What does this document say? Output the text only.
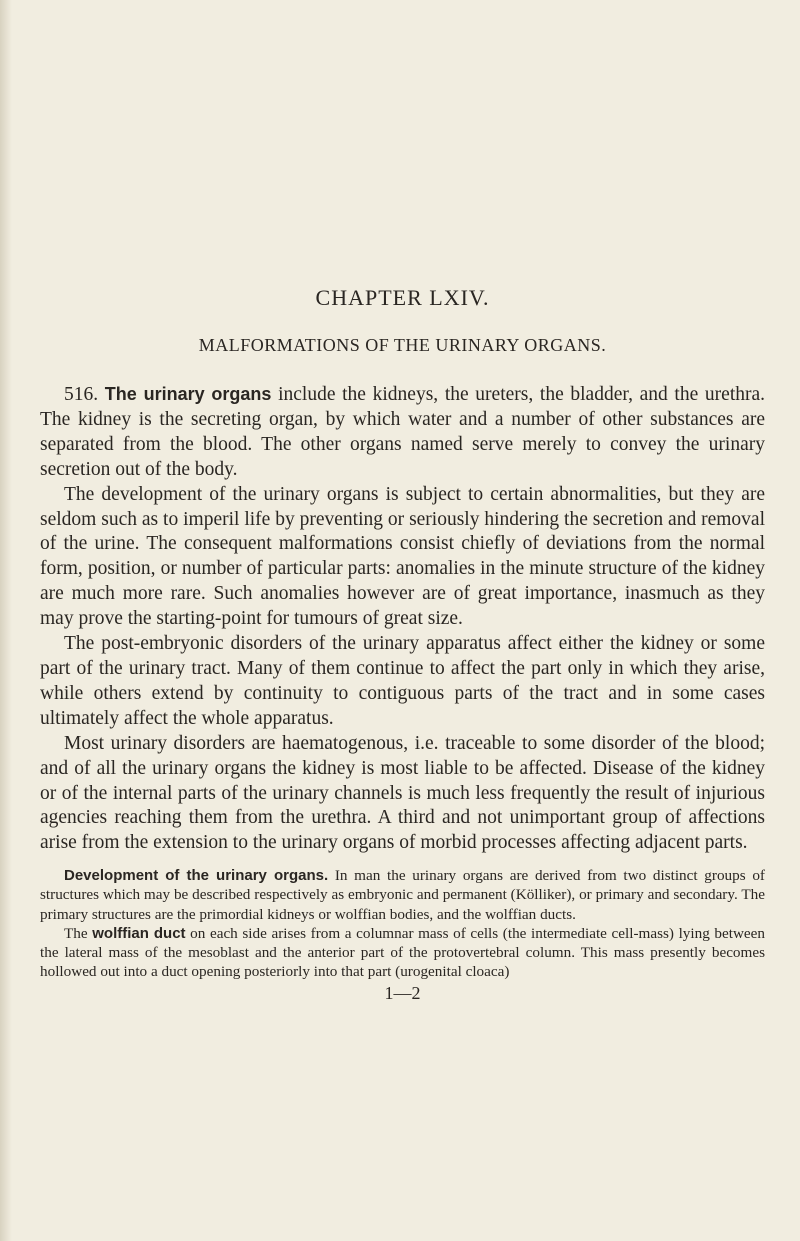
CHAPTER LXIV.
MALFORMATIONS OF THE URINARY ORGANS.

516. The urinary organs include the kidneys, the ureters, the bladder, and the urethra. The kidney is the secreting organ, by which water and a number of other substances are separated from the blood. The other organs named serve merely to convey the urinary secretion out of the body.

The development of the urinary organs is subject to certain abnormalities, but they are seldom such as to imperil life by preventing or seriously hindering the secretion and removal of the urine. The consequent malformations consist chiefly of deviations from the normal form, position, or number of particular parts: anomalies in the minute structure of the kidney are much more rare. Such anomalies however are of great importance, inasmuch as they may prove the starting-point for tumours of great size.

The post-embryonic disorders of the urinary apparatus affect either the kidney or some part of the urinary tract. Many of them continue to affect the part only in which they arise, while others extend by continuity to contiguous parts of the tract and in some cases ultimately affect the whole apparatus.

Most urinary disorders are haematogenous, i.e. traceable to some disorder of the blood; and of all the urinary organs the kidney is most liable to be affected. Disease of the kidney or of the internal parts of the urinary channels is much less frequently the result of injurious agencies reaching them from the urethra. A third and not unimportant group of affections arise from the extension to the urinary organs of morbid processes affecting adjacent parts.

Development of the urinary organs. In man the urinary organs are derived from two distinct groups of structures which may be described respectively as embryonic and permanent (Kölliker), or primary and secondary. The primary structures are the primordial kidneys or wolffian bodies, and the wolffian ducts.

The wolffian duct on each side arises from a columnar mass of cells (the intermediate cell-mass) lying between the lateral mass of the mesoblast and the anterior part of the protovertebral column. This mass presently becomes hollowed out into a duct opening posteriorly into that part (urogenital cloaca)

1—2
